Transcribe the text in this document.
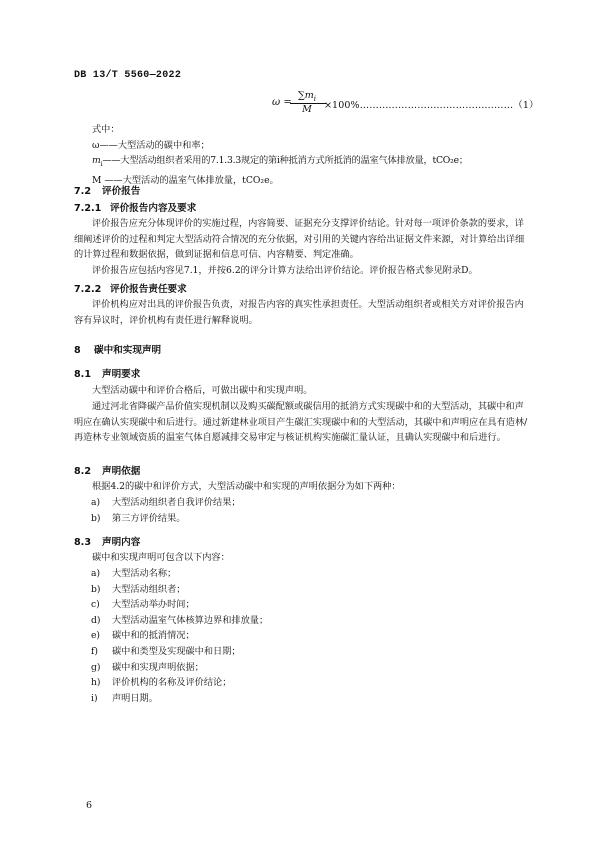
DB 13/T 5560—2022
ω =
$\sum m_i$
M	×100%…………………………………………（1）
式中：
ω——大型活动的碳中和率；
$m_i——$大型活动组织者采用的7.1.3.3规定的第i种抵消方式所抵消的温室气体排放量，tCO₂e；
M ——大型活动的温室气体排放量，tCO₂e。
7.2 评价报告
7.2.1 评价报告内容及要求
评价报告应充分体现评价的实施过程，内容简要、证据充分支撑评价结论。针对每一项评价条款的要求，详细阐述评价的过程和判定大型活动符合情况的充分依据，对引用的关键内容给出证据文件来源，对计算给出详细的计算过程和数据依据，做到证据和信息可信、内容精要、判定准确。
评价报告应包括内容见7.1，并按6.2的评分计算方法给出评价结论。评价报告格式参见附录D。
7.2.2 评价报告责任要求
评价机构应对出具的评价报告负责，对报告内容的真实性承担责任。大型活动组织者或相关方对评价报告内容有异议时，评价机构有责任进行解释说明。
8 碳中和实现声明
8.1 声明要求
大型活动碳中和评价合格后，可做出碳中和实现声明。
通过河北省降碳产品价值实现机制以及购买碳配额或碳信用的抵消方式实现碳中和的大型活动，其碳中和声明应在确认实现碳中和后进行。通过新建林业项目产生碳汇实现碳中和的大型活动，其碳中和声明应在具有造林/再造林专业领域资质的温室气体自愿减排交易审定与核证机构实施碳汇量认证，且确认实现碳中和后进行。
8.2 声明依据
根据4.2的碳中和评价方式，大型活动碳中和实现的声明依据分为如下两种：
a) 大型活动组织者自我评价结果；
b) 第三方评价结果。
8.3 声明内容
碳中和实现声明可包含以下内容：
a) 大型活动名称；
b) 大型活动组织者；
c) 大型活动举办时间；
d) 大型活动温室气体核算边界和排放量；
e) 碳中和的抵消情况；
f) 碳中和类型及实现碳中和日期；
g) 碳中和实现声明依据；
h) 评价机构的名称及评价结论；
i) 声明日期。
6
